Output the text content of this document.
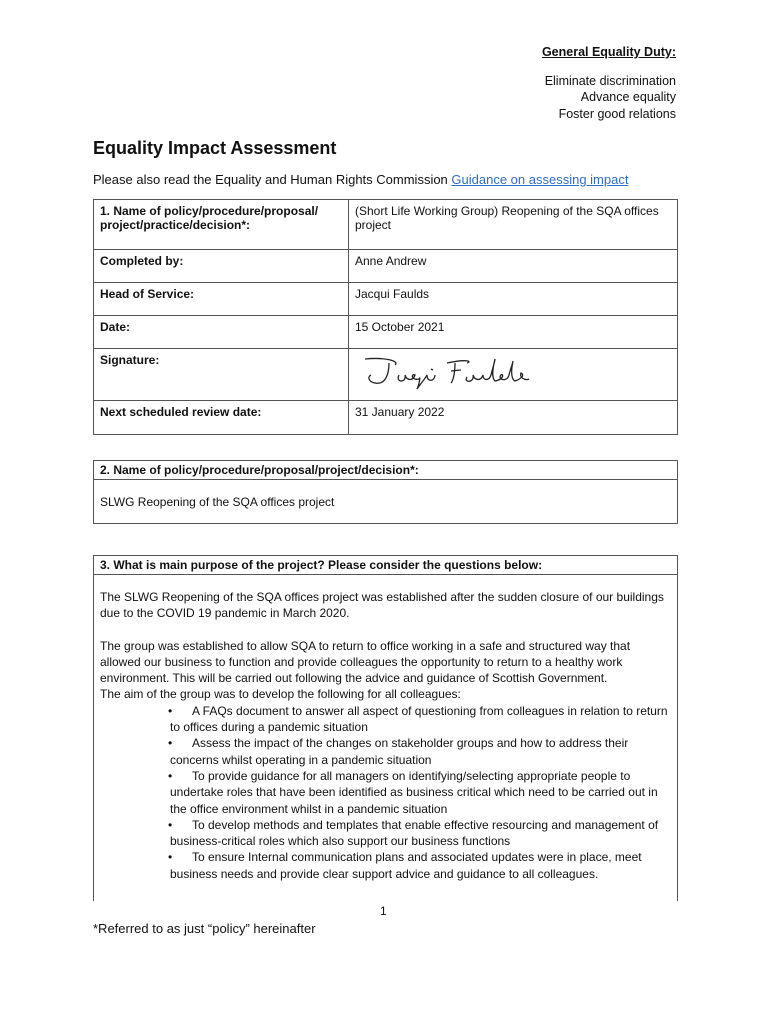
General Equality Duty:
Eliminate discrimination
Advance equality
Foster good relations
Equality Impact Assessment
Please also read the Equality and Human Rights Commission Guidance on assessing impact
1. Name of policy/procedure/proposal/ project/practice/decision*:	(Short Life Working Group) Reopening of the SQA offices project
Completed by:	Anne Andrew
Head of Service:	Jacqui Faulds
Date:	15 October 2021
Signature:	
Next scheduled review date:	31 January 2022
2. Name of policy/procedure/proposal/project/decision*:
SLWG Reopening of the SQA offices project
3. What is main purpose of the project? Please consider the questions below:
The SLWG Reopening of the SQA offices project was established after the sudden closure of our buildings due to the COVID 19 pandemic in March 2020.
The group was established to allow SQA to return to office working in a safe and structured way that allowed our business to function and provide colleagues the opportunity to return to a healthy work environment. This will be carried out following the advice and guidance of Scottish Government.
The aim of the group was to develop the following for all colleagues:
•	A FAQs document to answer all aspect of questioning from colleagues in relation to return to offices during a pandemic situation
•	Assess the impact of the changes on stakeholder groups and how to address their concerns whilst operating in a pandemic situation
•	To provide guidance for all managers on identifying/selecting appropriate people to undertake roles that have been identified as business critical which need to be carried out in the office environment whilst in a pandemic situation
•	To develop methods and templates that enable effective resourcing and management of business-critical roles which also support our business functions
•	To ensure Internal communication plans and associated updates were in place, meet business needs and provide clear support advice and guidance to all colleagues.
1
*Referred to as just “policy” hereinafter
